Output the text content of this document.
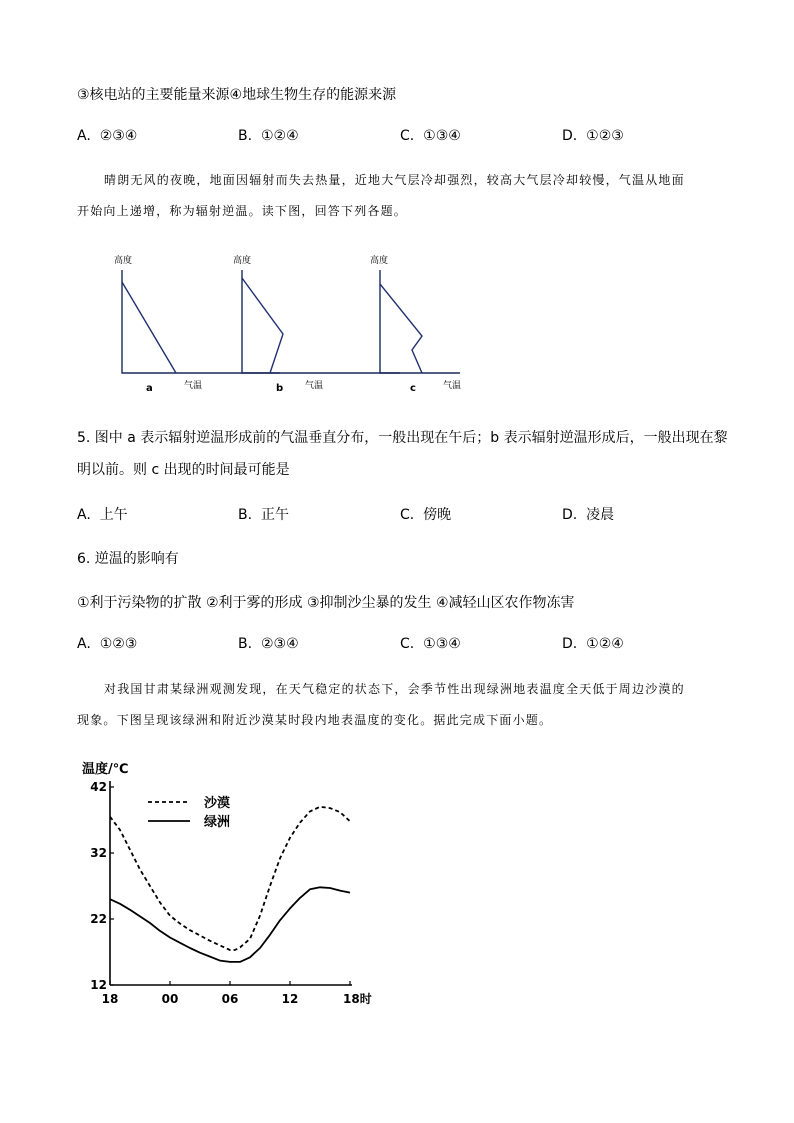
③核电站的主要能量来源④地球生物生存的能源来源
A. ②③④	B. ①②④	C. ①③④	D. ①②③
晴朗无风的夜晚，地面因辐射而失去热量，近地大气层冷却强烈，较高大气层冷却较慢，气温从地面
开始向上递增，称为辐射逆温。读下图，回答下列各题。
高度	高度	高度
气温	气温	气温
a	b	c
5. 图中 a 表示辐射逆温形成前的气温垂直分布，一般出现在午后；b 表示辐射逆温形成后，一般出现在黎
明以前。则 c 出现的时间最可能是
A. 上午	B. 正午	C. 傍晚	D. 凌晨
6. 逆温的影响有
①利于污染物的扩散 ②利于雾的形成 ③抑制沙尘暴的发生 ④减轻山区农作物冻害
A. ①②③	B. ②③④	C. ①③④	D. ①②④
对我国甘肃某绿洲观测发现，在天气稳定的状态下，会季节性出现绿洲地表温度全天低于周边沙漠的
现象。下图呈现该绿洲和附近沙漠某时段内地表温度的变化。据此完成下面小题。
温度/℃
12
22
32
42
18	00	06	12	18时
沙漠
绿洲
